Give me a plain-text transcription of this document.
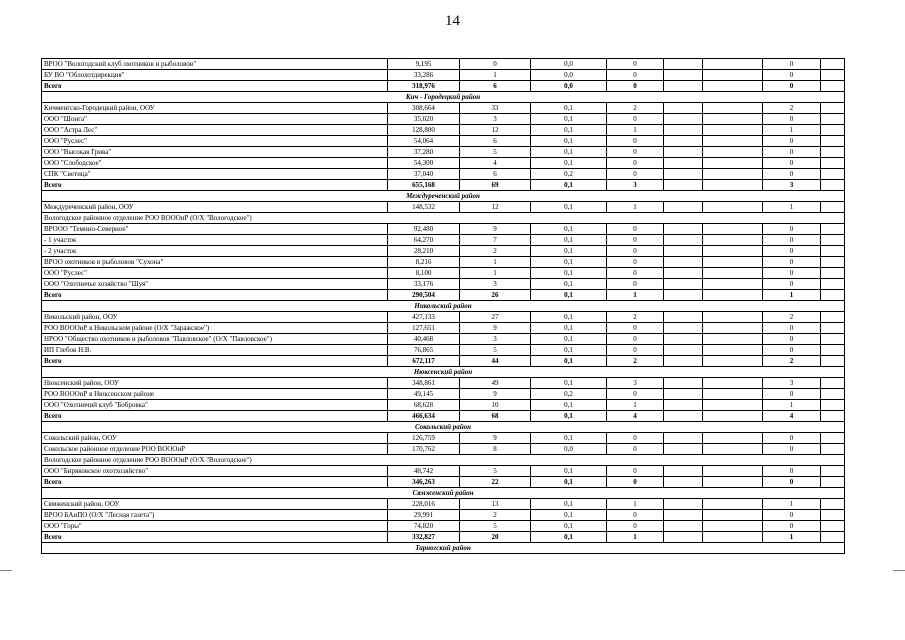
14
ВРОО "Вологодский клуб охотников и рыболовов"	9,195	0	0,0	0			0	
БУ ВО "Облохотдирекция"	33,286	1	0,0	0			0	
Всего	318,976	6	0,0	0			0	
Кич - Городецкий район								
Кичменгско-Городецкий район, ООУ	308,664	33	0,1	2			2	
ООО "Шонга"	35,020	3	0,1	0			0	
ООО "Астра Лес"	128,800	12	0,1	1			1	
ООО "Руслес"	54,064	6	0,1	0			0	
ООО "Высокая Грива"	37,280	5	0,1	0			0	
ООО "Слободское"	54,300	4	0,1	0			0	
СПК "Светица"	37,040	6	0,2	0			0	
Всего	655,168	69	0,1	3			3	
Междуреченский район								
Междуреченский район, ООУ	148,532	12	0,1	1			1	
Вологодское районное отделение РОО ВОООиР (О/Х "Вологодское")								
ВРООО "Темино-Северное"	92,480	9	0,1	0			0	
- 1 участок	64,270	7	0,1	0			0	
- 2 участок	28,210	2	0,1	0			0	
ВРОО охотников и рыболовов "Сухона"	8,216	1	0,1	0			0	
ООО "Руслес"	8,100	1	0,1	0			0	
ООО "Охотничье хозяйство "Шуя"	33,176	3	0,1	0			0	
Всего	290,504	26	0,1	1			1	
Никольский район								
Никольский район, ООУ	427,133	27	0,1	2			2	
РОО ВОООиР в Никольском районе (О/Х "Заражское")	127,651	9	0,1	0			0	
НРОО "Общество охотников и рыболовов "Павловское" (О/Х "Павловское")	40,468	3	0,1	0			0	
ИП Глебов Н.В.	76,865	5	0,1	0			0	
Всего	672,117	44	0,1	2			2	
Нюксенский район								
Нюксенский район, ООУ	348,861	49	0,1	3			3	
РОО ВОООиР в Нюксенском районе	49,145	9	0,2	0			0	
ООО "Охотничий клуб "Бобровка"	68,628	10	0,1	1			1	
Всего	466,634	68	0,1	4			4	
Сокольский район								
Сокольский район, ООУ	126,759	9	0,1	0			0	
Сокольское районное отделение РОО ВОООиР	170,762	8	0,0	0			0	
Вологодское районное отделение РОО ВОООиР (О/Х "Вологодское")								
ООО "Биряковское охотхозяйство"	48,742	5	0,1	0			0	
Всего	346,263	22	0,1	0			0	
Сямженский район								
Сямженский район, ООУ	228,016	13	0,1	1			1	
ВРОО БАиПО (О/Х "Лесная газета")	29,991	2	0,1	0			0	
ООО "Горы"	74,820	5	0,1	0			0	
Всего	332,827	20	0,1	1			1	
Тарногский район								
